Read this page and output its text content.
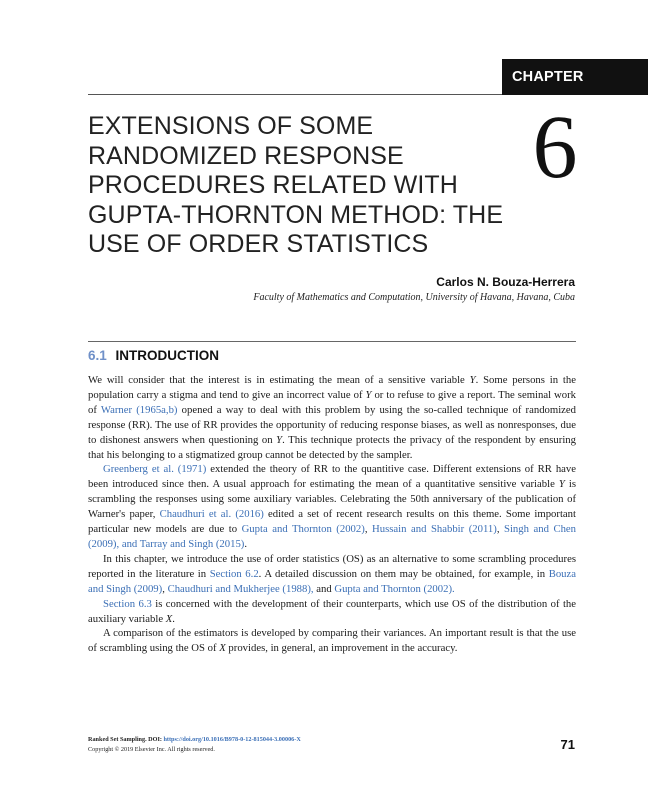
CHAPTER
EXTENSIONS OF SOME
RANDOMIZED RESPONSE
PROCEDURES RELATED WITH
GUPTA-THORNTON METHOD: THE
USE OF ORDER STATISTICS
6
Carlos N. Bouza-Herrera
Faculty of Mathematics and Computation, University of Havana, Havana, Cuba
6.1 INTRODUCTION

We will consider that the interest is in estimating the mean of a sensitive variable Y. Some persons in the population carry a stigma and tend to give an incorrect value of Y or to refuse to give a report. The seminal work of Warner (1965a,b) opened a way to deal with this problem by using the so-called technique of randomized response (RR). The use of RR provides the opportunity of reducing response biases, as well as nonresponses, due to dishonest answers when questioning on Y. This technique protects the privacy of the respondent by ensuring that his belonging to a stigmatized group cannot be detected by the sampler.

Greenberg et al. (1971) extended the theory of RR to the quantitive case. Different extensions of RR have been introduced since then. A usual approach for estimating the mean of a quantitative sensitive variable Y is scrambling the responses using some auxiliary variables. Celebrating the 50th anniversary of the publication of Warner's paper, Chaudhuri et al. (2016) edited a set of recent research results on this theme. Some important particular new models are due to Gupta and Thornton (2002), Hussain and Shabbir (2011), Singh and Chen (2009), and Tarray and Singh (2015).

In this chapter, we introduce the use of order statistics (OS) as an alternative to some scrambling procedures reported in the literature in Section 6.2. A detailed discussion on them may be obtained, for example, in Bouza and Singh (2009), Chaudhuri and Mukherjee (1988), and Gupta and Thornton (2002).

Section 6.3 is concerned with the development of their counterparts, which use OS of the distribution of the auxiliary variable X.

A comparison of the estimators is developed by comparing their variances. An important result is that the use of scrambling using the OS of X provides, in general, an improvement in the accuracy.

Ranked Set Sampling. DOI: https://doi.org/10.1016/B978-0-12-815044-3.00006-X
Copyright © 2019 Elsevier Inc. All rights reserved.	71
